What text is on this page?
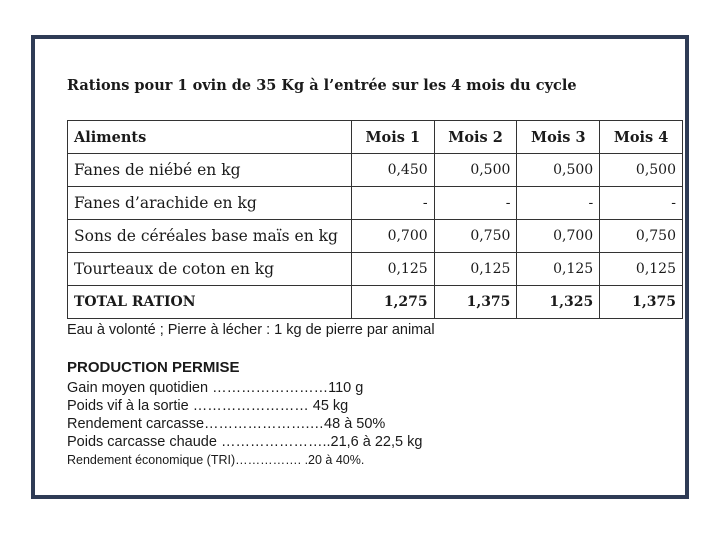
Rations pour 1 ovin de 35 Kg à l’entrée sur les 4 mois du cycle
Aliments	Mois 1	Mois 2	Mois 3	Mois 4
Fanes de niébé en kg	0,450	0,500	0,500	0,500
Fanes d’arachide en kg	-	-	-	-
Sons de céréales base maïs en kg	0,700	0,750	0,700	0,750
Tourteaux de coton en kg	0,125	0,125	0,125	0,125
TOTAL RATION	1,275	1,375	1,325	1,375
Eau à volonté ; Pierre à lécher : 1 kg de pierre par animal
PRODUCTION PERMISE
Gain moyen quotidien ……………………110 g
Poids vif à la sortie …………………… 45 kg
Rendement carcasse………………….…48 à 50%
Poids carcasse chaude …………………..21,6 à 22,5 kg
Rendement économique (TRI)……………. .20 à 40%.
